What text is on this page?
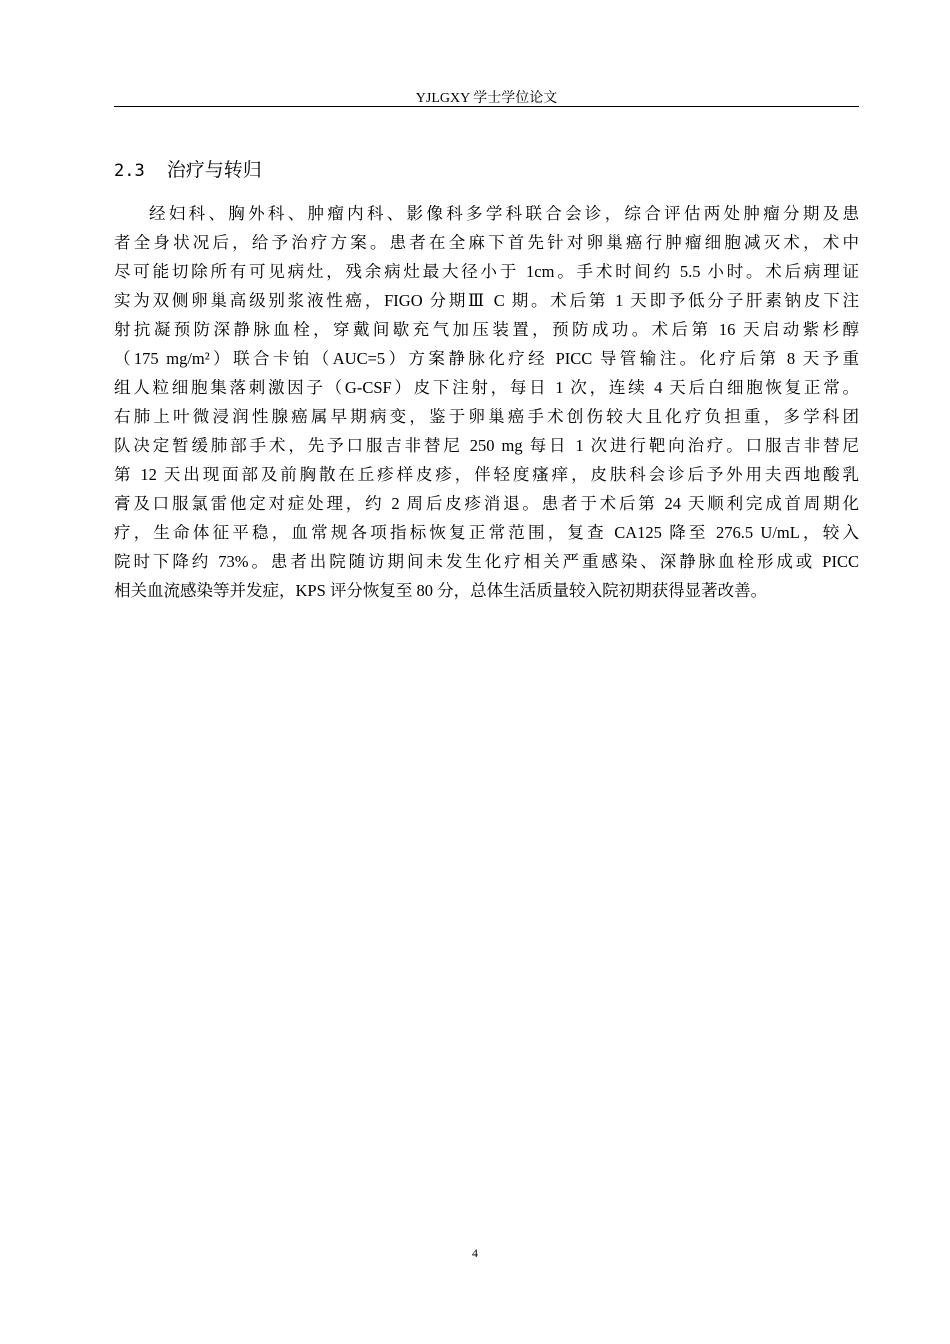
YJLGXY 学士学位论文
2.3 治疗与转归
经妇科、胸外科、肿瘤内科、影像科多学科联合会诊，综合评估两处肿瘤分期及患
者全身状况后，给予治疗方案。患者在全麻下首先针对卵巢癌行肿瘤细胞减灭术，术中
尽可能切除所有可见病灶，残余病灶最大径小于 1cm。手术时间约 5.5 小时。术后病理证
实为双侧卵巢高级别浆液性癌，FIGO 分期Ⅲ C 期。术后第 1 天即予低分子肝素钠皮下注
射抗凝预防深静脉血栓，穿戴间歇充气加压装置，预防成功。术后第 16 天启动紫杉醇
（175 mg/m²）联合卡铂（AUC=5）方案静脉化疗经 PICC 导管输注。化疗后第 8 天予重
组人粒细胞集落刺激因子（G-CSF）皮下注射，每日 1 次，连续 4 天后白细胞恢复正常。
右肺上叶微浸润性腺癌属早期病变，鉴于卵巢癌手术创伤较大且化疗负担重，多学科团
队决定暂缓肺部手术，先予口服吉非替尼 250 mg 每日 1 次进行靶向治疗。口服吉非替尼
第 12 天出现面部及前胸散在丘疹样皮疹，伴轻度瘙痒，皮肤科会诊后予外用夫西地酸乳
膏及口服氯雷他定对症处理，约 2 周后皮疹消退。患者于术后第 24 天顺利完成首周期化
疗，生命体征平稳，血常规各项指标恢复正常范围，复查 CA125 降至 276.5 U/mL，较入
院时下降约 73%。患者出院随访期间未发生化疗相关严重感染、深静脉血栓形成或 PICC
相关血流感染等并发症，KPS 评分恢复至 80 分，总体生活质量较入院初期获得显著改善。
4
